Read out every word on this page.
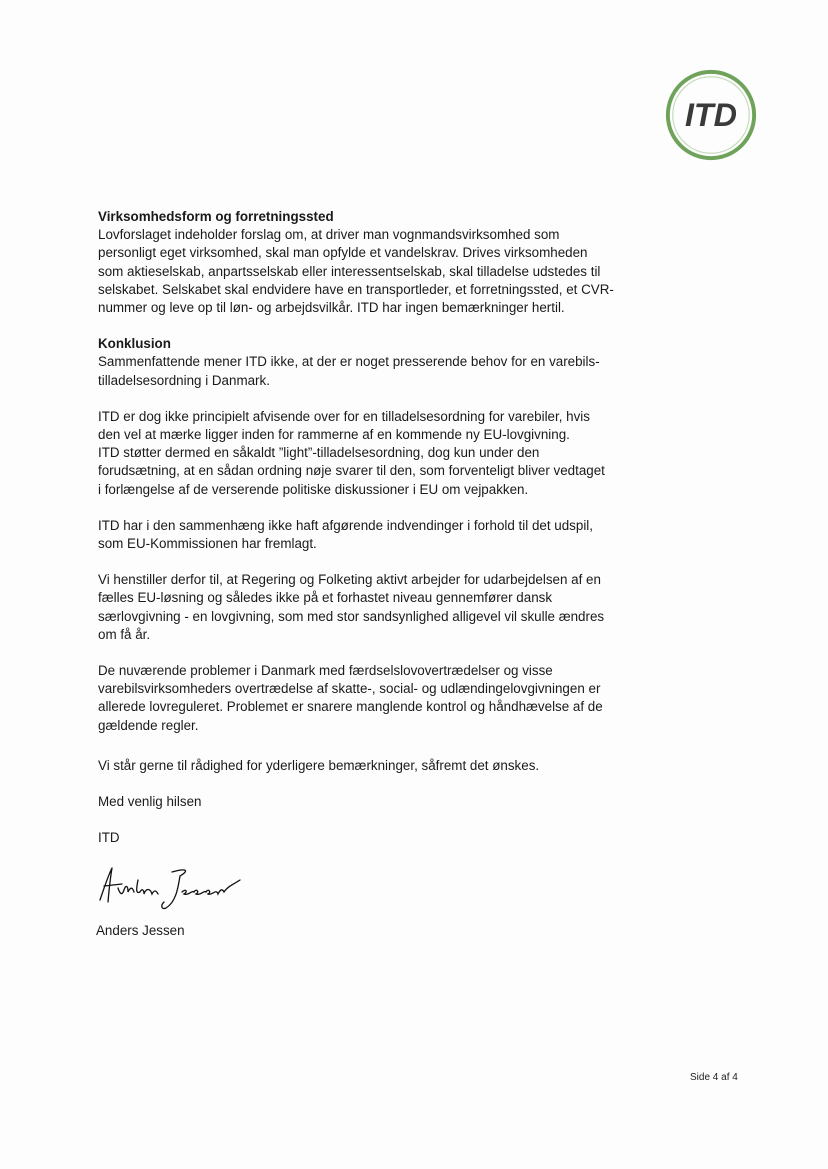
ITD

Virksomhedsform og forretningssted

Lovforslaget indeholder forslag om, at driver man vognmandsvirksomhed som

personligt eget virksomhed, skal man opfylde et vandelskrav. Drives virksomheden

som aktieselskab, anpartsselskab eller interessentselskab, skal tilladelse udstedes til

selskabet. Selskabet skal endvidere have en transportleder, et forretningssted, et CVR-

nummer og leve op til løn- og arbejdsvilkår. ITD har ingen bemærkninger hertil.

Konklusion

Sammenfattende mener ITD ikke, at der er noget presserende behov for en varebils-

tilladelsesordning i Danmark.

ITD er dog ikke principielt afvisende over for en tilladelsesordning for varebiler, hvis

den vel at mærke ligger inden for rammerne af en kommende ny EU-lovgivning.

ITD støtter dermed en såkaldt ”light”-tilladelsesordning, dog kun under den

forudsætning, at en sådan ordning nøje svarer til den, som forventeligt bliver vedtaget

i forlængelse af de verserende politiske diskussioner i EU om vejpakken.

ITD har i den sammenhæng ikke haft afgørende indvendinger i forhold til det udspil,

som EU-Kommissionen har fremlagt.

Vi henstiller derfor til, at Regering og Folketing aktivt arbejder for udarbejdelsen af en

fælles EU-løsning og således ikke på et forhastet niveau gennemfører dansk

særlovgivning - en lovgivning, som med stor sandsynlighed alligevel vil skulle ændres

om få år.

De nuværende problemer i Danmark med færdselslovovertrædelser og visse

varebilsvirksomheders overtrædelse af skatte-, social- og udlændingelovgivningen er

allerede lovreguleret. Problemet er snarere manglende kontrol og håndhævelse af de

gældende regler.

Vi står gerne til rådighed for yderligere bemærkninger, såfremt det ønskes.

Med venlig hilsen

ITD

Anders Jessen
Side 4 af 4
